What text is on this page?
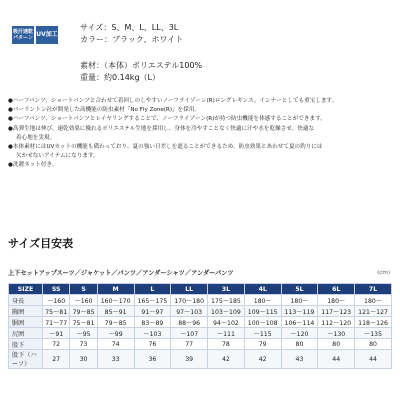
吸汗速乾パターン UV加工
サイズ：S、M、L、LL、3L
カラー：ブラック、ホワイト
素材：（本体）ポリエステル100%
重量：約0.14kg（L）
●ハーフパンツ、ショートパンツと合わせて着回しのしやすいノーフライゾーン(R)ロングレギンス。インナーとしても重宝します。
●バーリントン社が開発した高機能の防虫素材「No Fly Zone(R)」を採用。
●ハーフパンツ、ショートパンツとレイヤリングすることで、ノーフライゾーン(R)が持つ防虫機能を体感することができます。
●高弾生地は伸び、速乾効果に優れるポリエステル生地を採用し、身体を冷やすことなく快適に汗や水を乾燥させ、快適な
着心地を実現。
●本体素材にはUVカットの機能も備わっており、夏の強い日差しを遮ることができるため、防虫効果とあわせて夏の釣りには
欠かせないアイテムになります。
●洗濯ネット付き。
サイズ目安表
上下セットアップスーツ／ジャケット／パンツ／アンダーシャツ／アンダーパンツ	(cm)
SIZE	SS	S	M	L	LL	3L	4L	5L	6L	7L
身長	～160	～160	160～170	165～175	170～180	175～185	180～	180～	180～	180～
胸囲	75～81	79～85	85～91	91～97	97～103	103～109	109～115	113～119	117～123	121～127
胴囲	71～77	75～81	79～85	83～89	88～96	94～102	100～108	106～114	112～120	118～126
尻囲	～91	～95	～99	～103	～107	～111	～115	～120	～130	～135
股下	72	73	74	76	77	78	79	80	80	80
股下（ハーフ）	27	30	33	36	39	42	42	43	44	44
